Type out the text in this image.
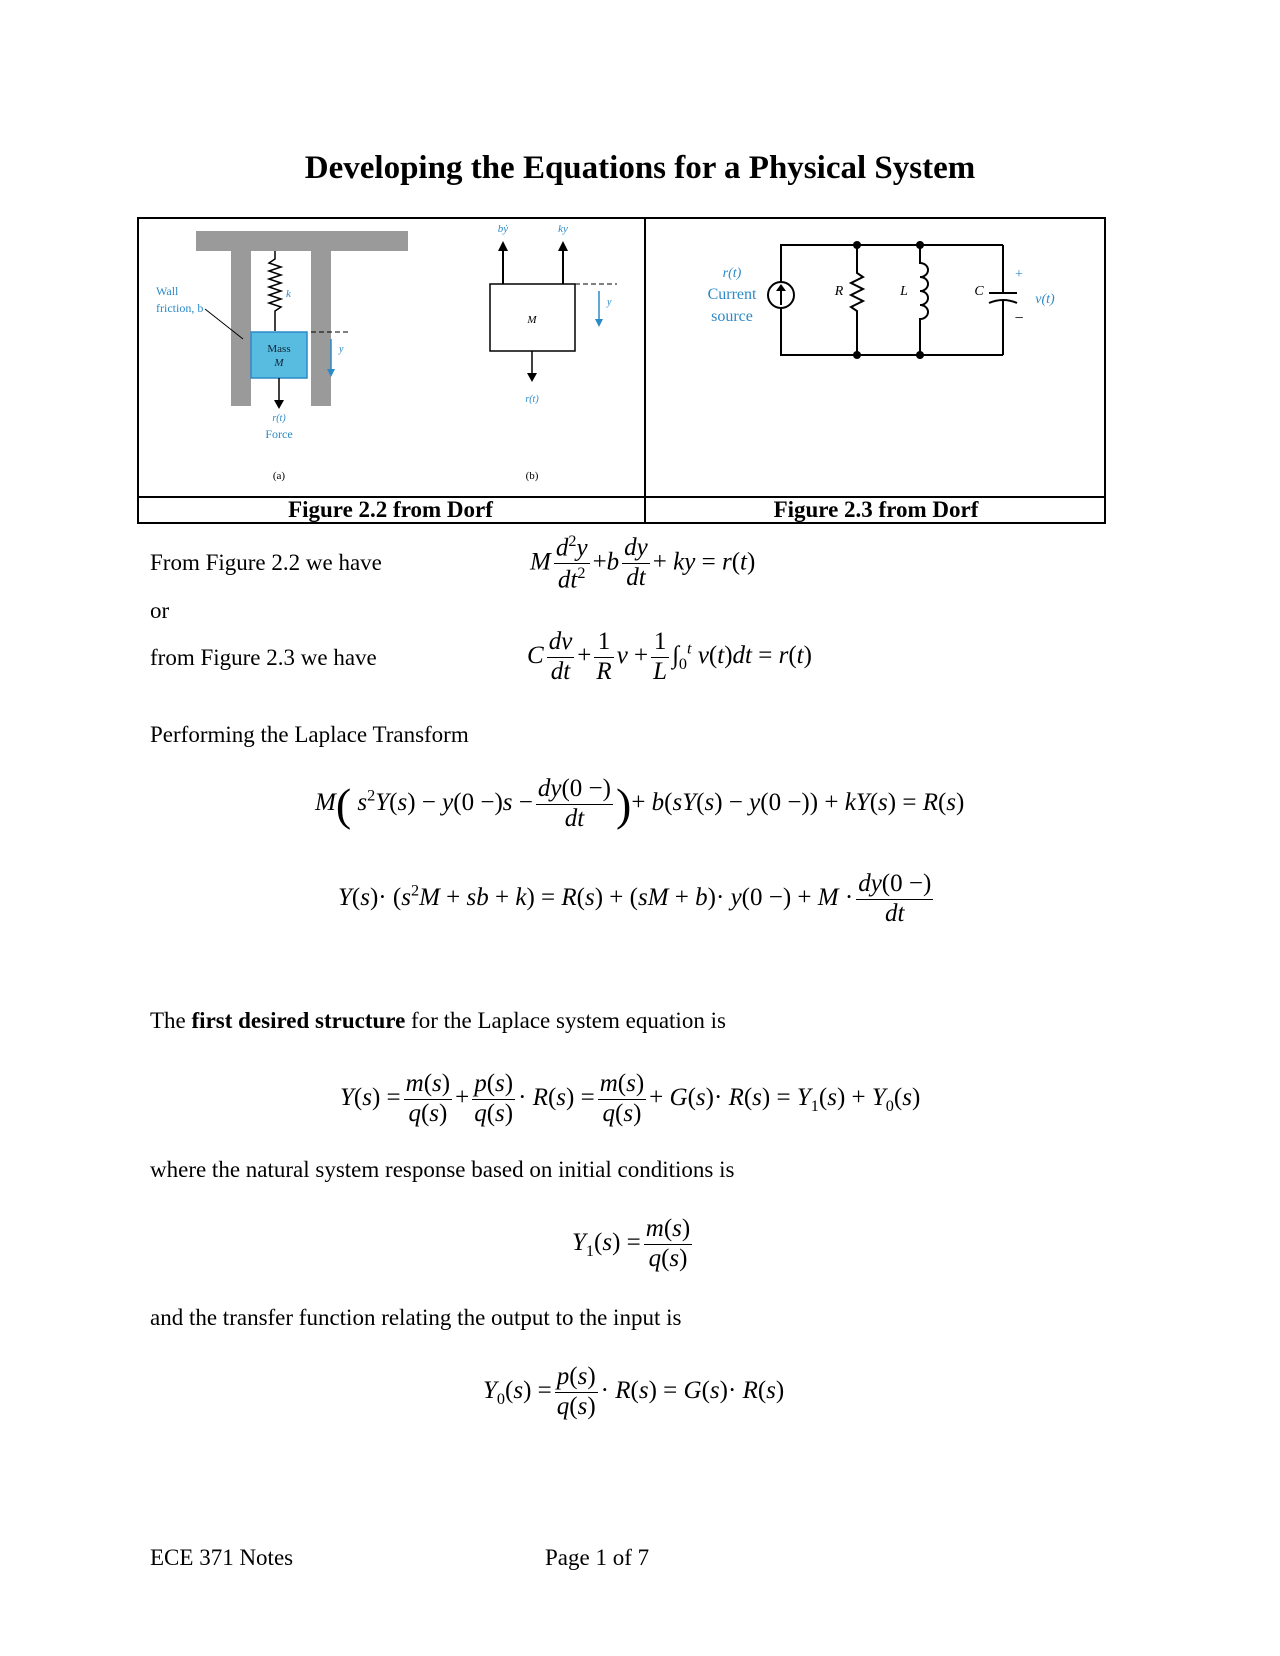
Developing the Equations for a Physical System
Figure 2.2 from Dorf	Figure 2.3 from Dorf
k
Mass
M
Wall
friction, b
y
r(t)
Force
(a)
bẏ	ky
M
y
r(t)
(b)
r(t)
Current
source
R	L	C
+
−
v(t)
From Figure 2.2 we have
or
from Figure 2.3 we have
Performing the Laplace Transform
M $\frac{d^2y}{dt^2} +b \frac{dy}{dt}$ + ky = r(t)
C $\frac{dv}{dt} + \frac{1}{R}$ $v + \frac{1}{L} \int_0^t$ v(t)dt = r(t)
M( $s^2Y(s) - y(0 -)s - \frac{dy(0 -)}{dt}$ )+ b(sY(s) − y(0 −)) + kY(s) = R(s)
$Y(s)\cdot (s^2M$ + sb + k) = R(s) + (sM + b)· y(0 −) + $M \cdot \frac{dy(0 -)}{dt}$
The first desired structure for the Laplace system equation is
$Y(s) = \frac{m(s)}{q(s)} + \frac{p(s)}{q(s)} \cdot R(s) = \frac{m(s)}{q(s)} + G(s)\cdot R(s) = Y_1(s) + Y_0(s)$
where the natural system response based on initial conditions is
$Y_1(s) = \frac{m(s)}{q(s)}$
and the transfer function relating the output to the input is
$Y_0(s) = \frac{p(s)}{q(s)} \cdot R(s) = G(s)\cdot R(s)$
ECE 371 Notes	Page 1 of 7
